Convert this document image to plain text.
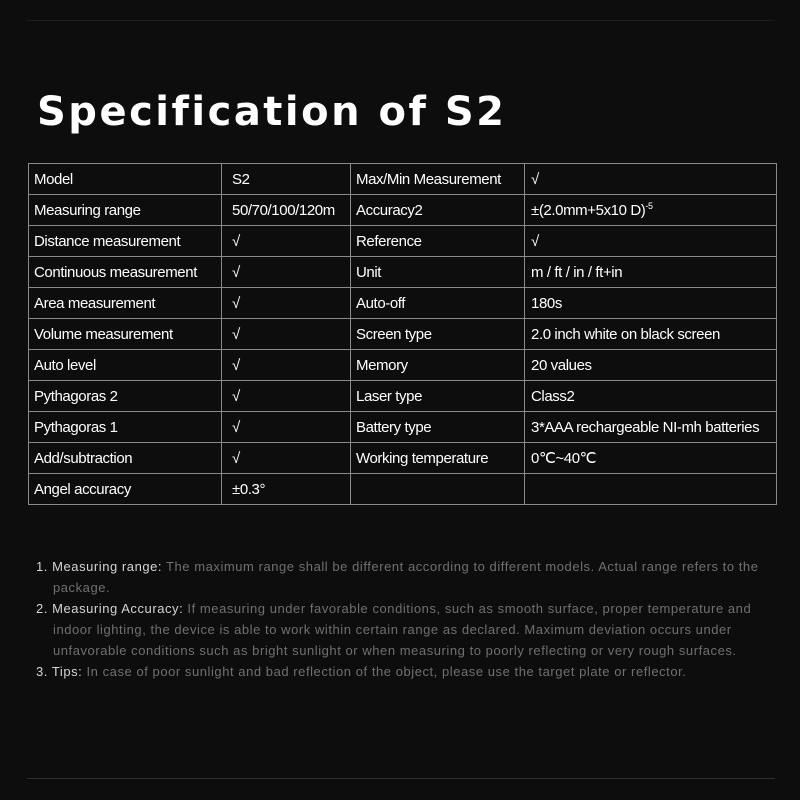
Specification of S2
Model	S2	Max/Min Measurement	√
Measuring range	50/70/100/120m	Accuracy2	±(2.0mm+5x10 D)$^{-5}$
Distance measurement	√	Reference	√
Continuous measurement	√	Unit	m / ft / in / ft+in
Area measurement	√	Auto-off	180s
Volume measurement	√	Screen type	2.0 inch white on black screen
Auto level	√	Memory	20 values
Pythagoras 2	√	Laser type	Class2
Pythagoras 1	√	Battery type	3*AAA rechargeable NI-mh batteries
Add/subtraction	√	Working temperature	0℃~40℃
Angel accuracy	±0.3°		
1. Measuring range: The maximum range shall be different according to different models. Actual range refers to the package.
2. Measuring Accuracy: If measuring under favorable conditions, such as smooth surface, proper temperature and indoor lighting, the device is able to work within certain range as declared. Maximum deviation occurs under unfavorable conditions such as bright sunlight or when measuring to poorly reflecting or very rough surfaces.
3. Tips: In case of poor sunlight and bad reflection of the object, please use the target plate or reflector.
